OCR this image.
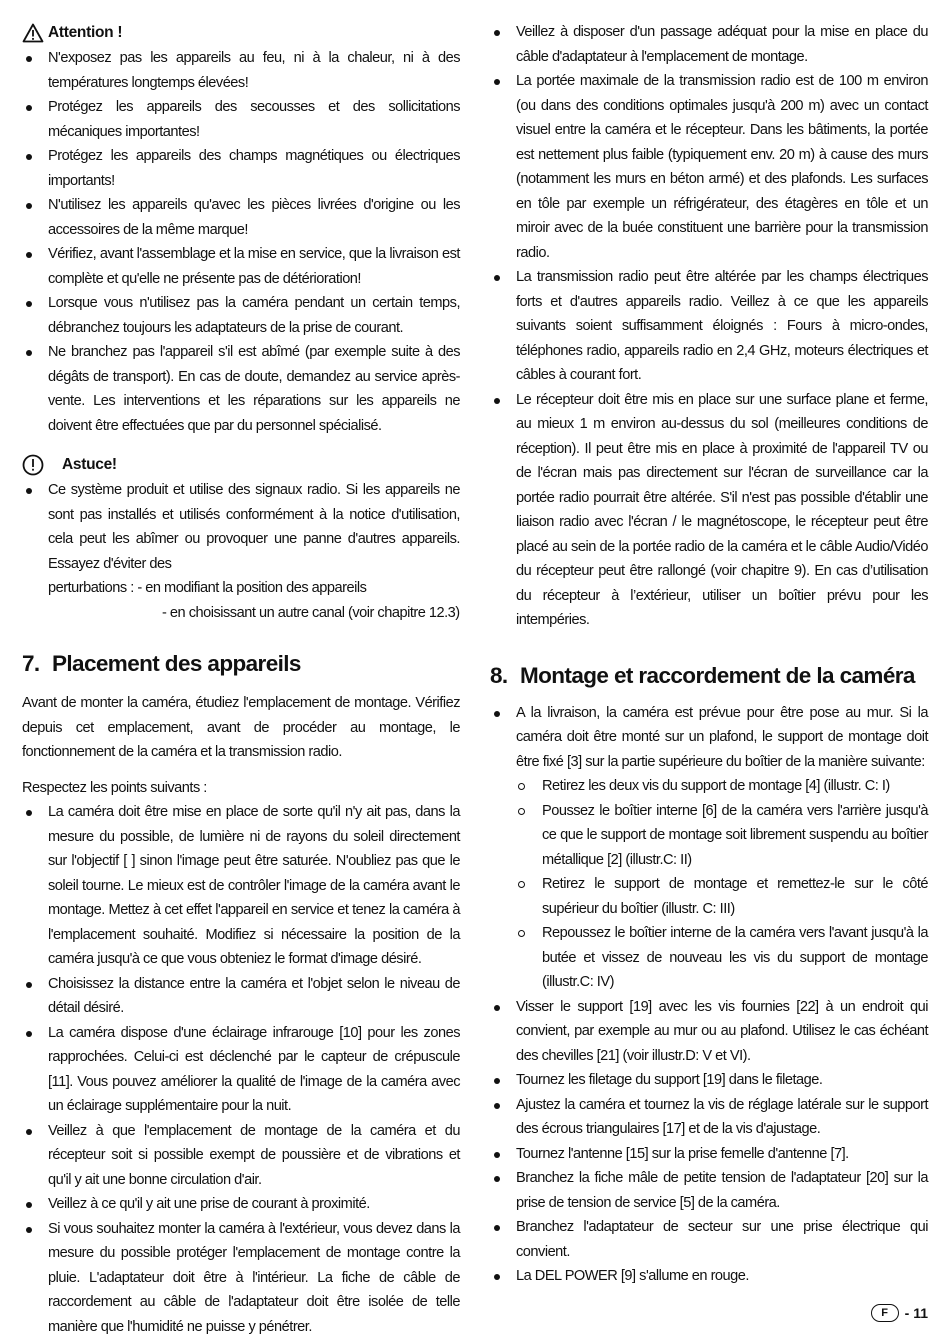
Attention !
N'exposez pas les appareils au feu, ni à la chaleur, ni à des températures longtemps élevées!
Protégez les appareils des secousses et des sollicitations mécaniques importantes!
Protégez les appareils des champs magnétiques ou électriques importants!
N'utilisez les appareils qu'avec les pièces livrées d'origine ou les accessoires de la même marque!
Vérifiez, avant l'assemblage et la mise en service, que la livraison est complète et qu'elle ne présente pas de détérioration!
Lorsque vous n'utilisez pas la caméra pendant un certain temps, débranchez toujours les adaptateurs de la prise de courant.
Ne branchez pas l'appareil s'il est abîmé (par exemple suite à des dégâts de transport). En cas de doute, demandez au service après-vente. Les interventions et les réparations sur les appareils ne doivent être effectuées que par du personnel spécialisé.
Astuce!
Ce système produit et utilise des signaux radio. Si les appareils ne sont pas installés et utilisés conformément à la notice d'utilisation, cela peut les abîmer ou provoquer une panne d'autres appareils. Essayez d'éviter des
perturbations : - en modifiant la position des appareils
- en choisissant un autre canal (voir chapitre 12.3)
7. Placement des appareils

Avant de monter la caméra, étudiez l'emplacement de montage. Vérifiez depuis cet emplacement, avant de procéder au montage, le fonctionnement de la caméra et la transmission radio.

Respectez les points suivants :

La caméra doit être mise en place de sorte qu'il n'y ait pas, dans la mesure du possible, de lumière ni de rayons du soleil directement sur l'objectif [ ] sinon l'image peut être saturée. N'oubliez pas que le soleil tourne. Le mieux est de contrôler l'image de la caméra avant le montage. Mettez à cet effet l'appareil en service et tenez la caméra à l'emplacement souhaité. Modifiez si nécessaire la position de la caméra jusqu'à ce que vous obteniez le format d'image désiré.
Choisissez la distance entre la caméra et l'objet selon le niveau de détail désiré.
La caméra dispose d'une éclairage infrarouge [10] pour les zones rapprochées. Celui-ci est déclenché par le capteur de crépuscule [11]. Vous pouvez améliorer la qualité de l'image de la caméra avec un éclairage supplémentaire pour la nuit.
Veillez à que l'emplacement de montage de la caméra et du récepteur soit si possible exempt de poussière et de vibrations et qu'il y ait une bonne circulation d'air.
Veillez à ce qu'il y ait une prise de courant à proximité.
Si vous souhaitez monter la caméra à l'extérieur, vous devez dans la mesure du possible protéger l'emplacement de montage contre la pluie. L'adaptateur doit être à l'intérieur. La fiche de câble de raccordement au câble de l'adaptateur doit être isolée de telle manière que l'humidité ne puisse y pénétrer.
Veillez à disposer d'un passage adéquat pour la mise en place du câble d'adaptateur à l'emplacement de montage.
La portée maximale de la transmission radio est de 100 m environ (ou dans des conditions optimales jusqu'à 200 m) avec un contact visuel entre la caméra et le récepteur. Dans les bâtiments, la portée est nettement plus faible (typiquement env. 20 m) à cause des murs (notamment les murs en béton armé) et des plafonds. Les surfaces en tôle par exemple un réfrigérateur, des étagères en tôle et un miroir avec de la buée constituent une barrière pour la transmission radio.
La transmission radio peut être altérée par les champs électriques forts et d'autres appareils radio. Veillez à ce que les appareils suivants soient suffisamment éloignés : Fours à micro-ondes, téléphones radio, appareils radio en 2,4 GHz, moteurs électriques et câbles à courant fort.
Le récepteur doit être mis en place sur une surface plane et ferme, au mieux 1 m environ au-dessus du sol (meilleures conditions de réception). Il peut être mis en place à proximité de l'appareil TV ou de l'écran mais pas directement sur l'écran de surveillance car la portée radio pourrait être altérée. S'il n'est pas possible d'établir une liaison radio avec l'écran / le magnétoscope, le récepteur peut être placé au sein de la portée radio de la caméra et le câble Audio/Vidéo du récepteur peut être rallongé (voir chapitre 9). En cas d’utilisation du récepteur à l’extérieur, utiliser un boîtier prévu pour les intempéries.
8. Montage et raccordement de la caméra
A la livraison, la caméra est prévue pour être pose au mur. Si la caméra doit être monté sur un plafond, le support de montage doit être fixé [3] sur la partie supérieure du boîtier de la manière suivante:
Retirez les deux vis du support de montage [4] (illustr. C: I)
Poussez le boîtier interne [6] de la caméra vers l'arrière jusqu'à ce que le support de montage soit librement suspendu au boîtier métallique [2] (illustr.C: II)
Retirez le support de montage et remettez-le sur le côté supérieur du boîtier (illustr. C: III)
Repoussez le boîtier interne de la caméra vers l'avant jusqu'à la butée et vissez de nouveau les vis du support de montage (illustr.C: IV)
Visser le support [19] avec les vis fournies [22] à un endroit qui convient, par exemple au mur ou au plafond. Utilisez le cas échéant des chevilles [21] (voir illustr.D: V et VI).
Tournez les filetage du support [19] dans le filetage.
Ajustez la caméra et tournez la vis de réglage latérale sur le support des écrous triangulaires [17] et de la vis d'ajustage.
Tournez l'antenne [15] sur la prise femelle d'antenne [7].
Branchez la fiche mâle de petite tension de l'adaptateur [20] sur la prise de tension de service [5] de la caméra.
Branchez l'adaptateur de secteur sur une prise électrique qui convient.
La DEL POWER [9] s'allume en rouge.
F	- 11
